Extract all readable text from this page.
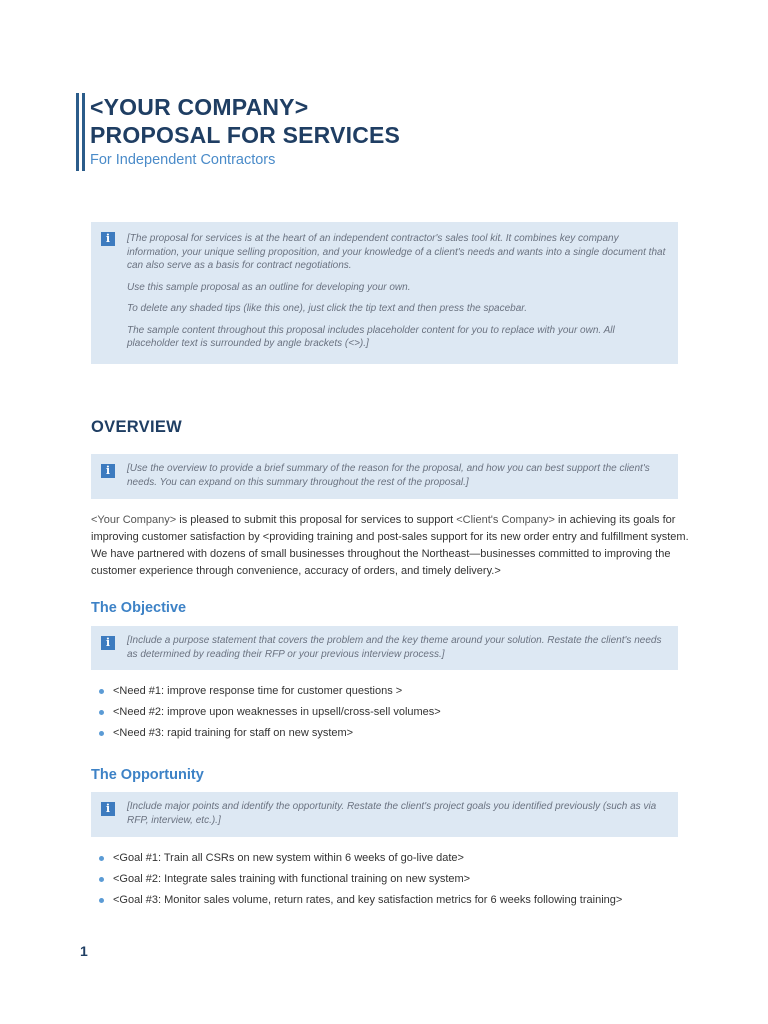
<YOUR COMPANY>
PROPOSAL FOR SERVICES
For Independent Contractors
i	[The proposal for services is at the heart of an independent contractor's sales tool kit. It combines key company information, your unique selling proposition, and your knowledge of a client's needs and wants into a single document that can also serve as a basis for contract negotiations.

Use this sample proposal as an outline for developing your own.

To delete any shaded tips (like this one), just click the tip text and then press the spacebar.

The sample content throughout this proposal includes placeholder content for you to replace with your own. All placeholder text is surrounded by angle brackets (<>).]

OVERVIEW
i	[Use the overview to provide a brief summary of the reason for the proposal, and how you can best support the client's needs. You can expand on this summary throughout the rest of the proposal.]

<Your Company> is pleased to submit this proposal for services to support <Client's Company> in achieving its goals for improving customer satisfaction by <providing training and post-sales support for its new order entry and fulfillment system. We have partnered with dozens of small businesses throughout the Northeast—businesses committed to improving the customer experience through convenience, accuracy of orders, and timely delivery.>

The Objective
i	[Include a purpose statement that covers the problem and the key theme around your solution. Restate the client's needs as determined by reading their RFP or your previous interview process.]

<Need #1: improve response time for customer questions >
<Need #2: improve upon weaknesses in upsell/cross-sell volumes>
<Need #3: rapid training for staff on new system>
The Opportunity
i	[Include major points and identify the opportunity. Restate the client's project goals you identified previously (such as via RFP, interview, etc.).]

<Goal #1: Train all CSRs on new system within 6 weeks of go-live date>
<Goal #2: Integrate sales training with functional training on new system>
<Goal #3: Monitor sales volume, return rates, and key satisfaction metrics for 6 weeks following training>
1
